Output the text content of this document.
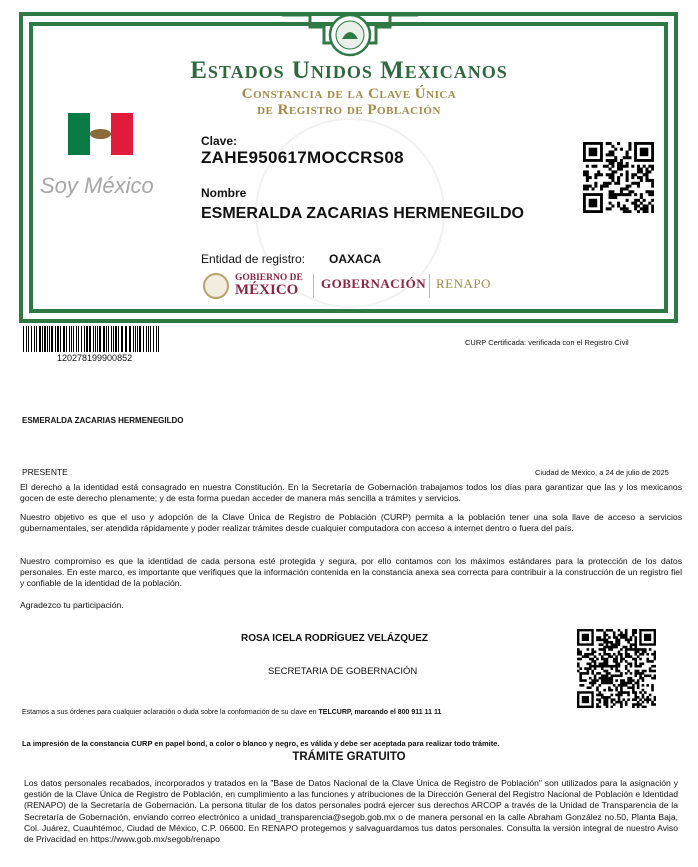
Estados Unidos Mexicanos
Constancia de la Clave Única
de Registro de Población
Soy México
Clave:
ZAHE950617MOCCRS08
Nombre
ESMERALDA ZACARIAS HERMENEGILDO
Entidad de registro: OAXACA
GOBIERNO DE
MÉXICO	GOBERNACIÓN RENAPO
120278199900852
CURP Certificada: verificada con el Registro Civil
ESMERALDA ZACARIAS HERMENEGILDO
PRESENTE	Ciudad de México, a 24 de julio de 2025
El derecho a la identidad está consagrado en nuestra Constitución. En la Secretaría de Gobernación trabajamos todos los días para garantizar que las y los mexicanos gocen de este derecho plenamente; y de esta forma puedan acceder de manera más sencilla a trámites y servicios.
Nuestro objetivo es que el uso y adopción de la Clave Única de Registro de Población (CURP) permita a la población tener una sola llave de acceso a servicios gubernamentales, ser atendida rápidamente y poder realizar trámites desde cualquier computadora con acceso a internet dentro o fuera del país.
Nuestro compromiso es que la identidad de cada persona esté protegida y segura, por ello contamos con los máximos estándares para la protección de los datos personales. En este marco, es importante que verifiques que la información contenida en la constancia anexa sea correcta para contribuir a la construcción de un registro fiel y confiable de la identidad de la población.
Agradezco tu participación.
ROSA ICELA RODRÍGUEZ VELÁZQUEZ
SECRETARIA DE GOBERNACIÓN
Estamos a sus órdenes para cualquier aclaración o duda sobre la conformación de su clave en TELCURP, marcando el 800 911 11 11
La impresión de la constancia CURP en papel bond, a color o blanco y negro, es válida y debe ser aceptada para realizar todo trámite.
TRÁMITE GRATUITO
Los datos personales recabados, incorporados y tratados en la "Base de Datos Nacional de la Clave Única de Registro de Población" son utilizados para la asignación y gestión de la Clave Única de Registro de Población, en cumplimiento a las funciones y atribuciones de la Dirección General del Registro Nacional de Población e Identidad (RENAPO) de la Secretaría de Gobernación. La persona titular de los datos personales podrá ejercer sus derechos ARCOP a través de la Unidad de Transparencia de la Secretaría de Gobernación, enviando correo electrónico a unidad_transparencia@segob.gob.mx o de manera personal en la calle Abraham González no.50, Planta Baja, Col. Juárez, Cuauhtémoc, Ciudad de México, C.P. 06600. En RENAPO protegemos y salvaguardamos tus datos personales. Consulta la versión integral de nuestro Aviso de Privacidad en https://www.gob.mx/segob/renapo
